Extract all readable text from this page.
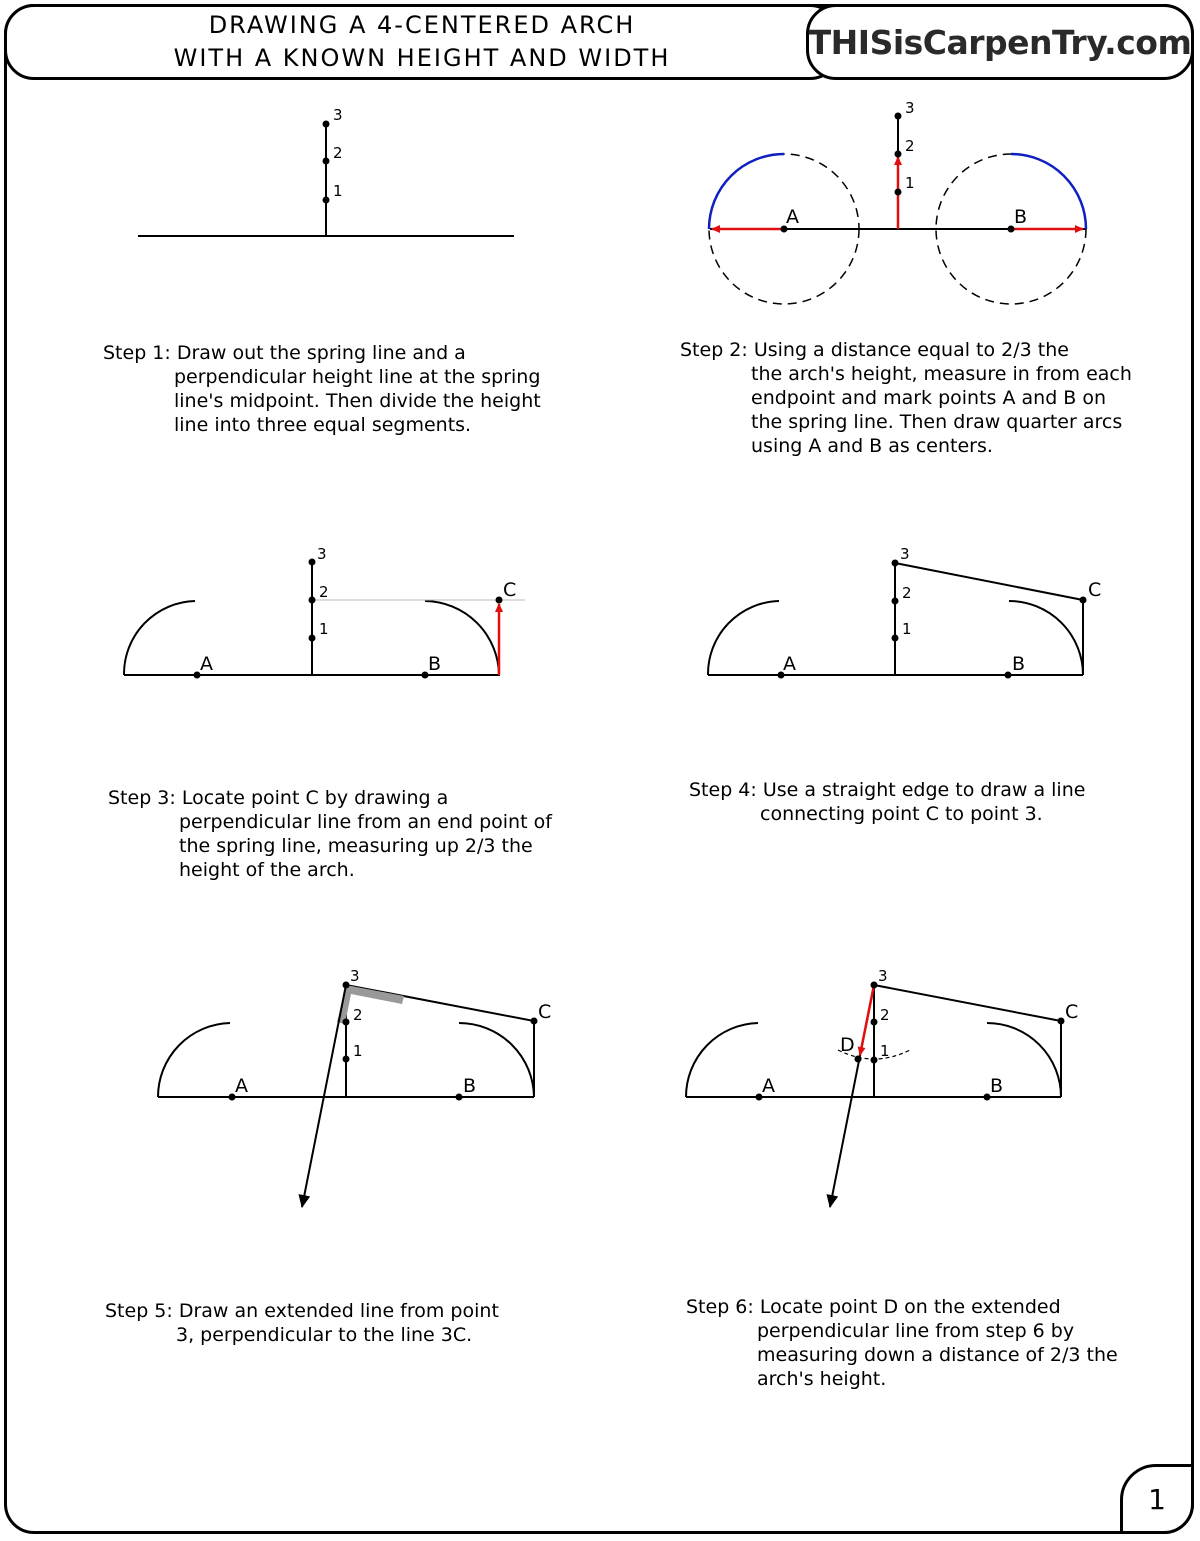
DRAWING A 4-CENTERED ARCH
WITH A KNOWN HEIGHT AND WIDTH	THISisCarpenTry.com
1
2
3
A	B
1
2
3
A	B
C
1
2
3
A	B
C
1
2
3
A	B
C
1
2
3
A	B
C
D 1
2
3
Step 1: Draw out the spring line and a
perpendicular height line at the spring line's midpoint. Then divide the height line into three equal segments.
Step 2: Using a distance equal to 2/3 the
the arch's height, measure in from each endpoint and mark points A and B on the spring line. Then draw quarter arcs using A and B as centers.
Step 3: Locate point C by drawing a
perpendicular line from an end point of the spring line, measuring up 2/3 the height of the arch.
Step 4: Use a straight edge to draw a line
connecting point C to point 3.
Step 5: Draw an extended line from point
3, perpendicular to the line 3C.
Step 6: Locate point D on the extended
perpendicular line from step 6 by measuring down a distance of 2/3 the arch's height.
1
